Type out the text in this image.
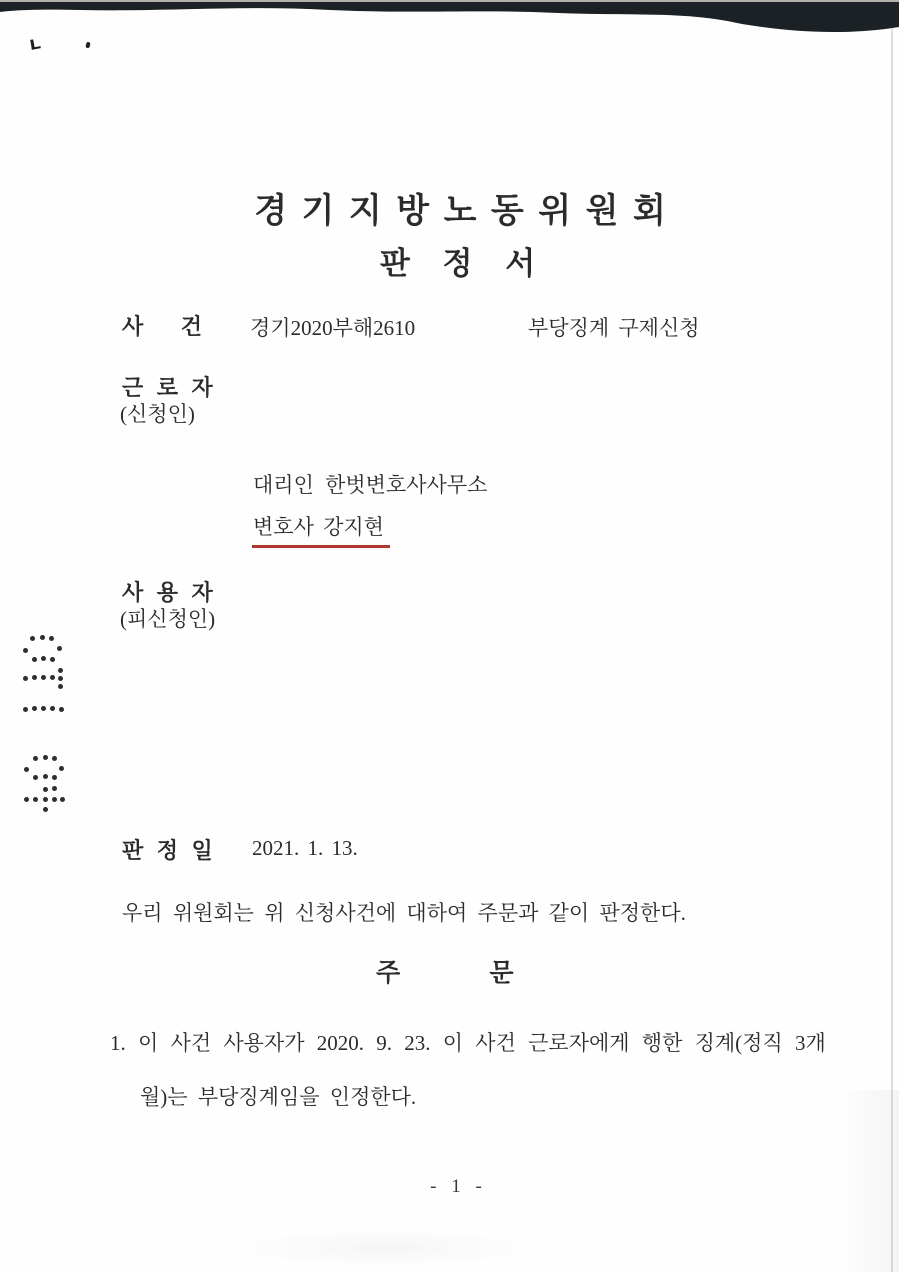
경 기 지 방 노 동 위 원 회
판 정 서
사 건 경기2020부해2610	부당징계 구제신청
근 로 자
(신청인)
대리인 한벗변호사사무소
변호사 강지현
사 용 자
(피신청인)
판 정 일 2021. 1. 13.
우리 위원회는 위 신청사건에 대하여 주문과 같이 판정한다.
주 문
1. 이 사건 사용자가 2020. 9. 23. 이 사건 근로자에게 행한 징계(정직 3개
월)는 부당징계임을 인정한다.
- 1 -
